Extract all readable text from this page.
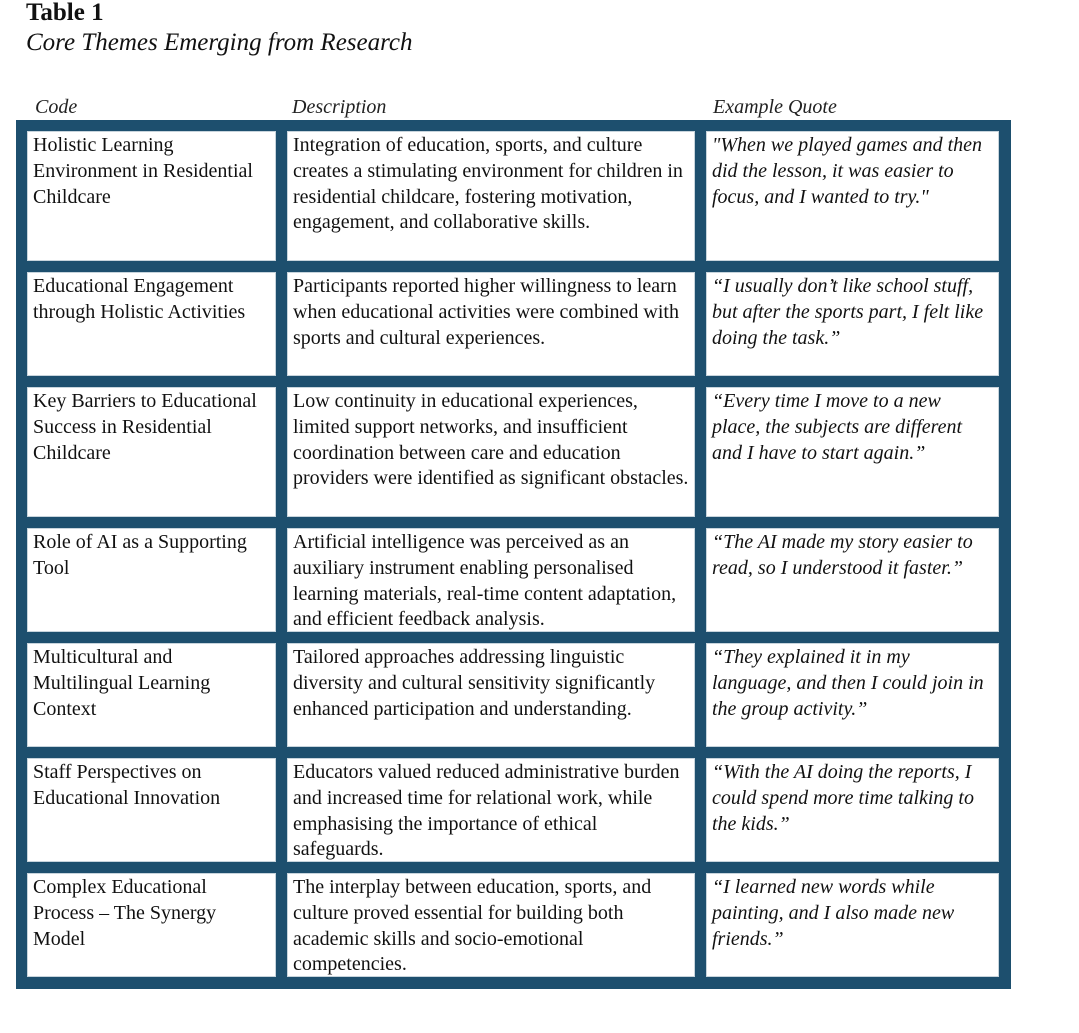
Table 1
Core Themes Emerging from Research
Code	Description	Example Quote
Holistic Learning Environment in Residential Childcare
Integration of education, sports, and culture creates a stimulating environment for children in residential childcare, fostering motivation, engagement, and collaborative skills.
"When we played games and then did the lesson, it was easier to focus, and I wanted to try."
Educational Engagement through Holistic Activities
Participants reported higher willingness to learn when educational activities were combined with sports and cultural experiences.
“I usually don’t like school stuff, but after the sports part, I felt like doing the task.”
Key Barriers to Educational Success in Residential Childcare
Low continuity in educational experiences, limited support networks, and insufficient coordination between care and education providers were identified as significant obstacles.
“Every time I move to a new place, the subjects are different and I have to start again.”
Role of AI as a Supporting Tool
Artificial intelligence was perceived as an auxiliary instrument enabling personalised learning materials, real-time content adaptation, and efficient feedback analysis.
“The AI made my story easier to read, so I understood it faster.”
Multicultural and Multilingual Learning Context
Tailored approaches addressing linguistic diversity and cultural sensitivity significantly enhanced participation and understanding.
“They explained it in my language, and then I could join in the group activity.”
Staff Perspectives on Educational Innovation
Educators valued reduced administrative burden and increased time for relational work, while emphasising the importance of ethical safeguards.
“With the AI doing the reports, I could spend more time talking to the kids.”
Complex Educational Process – The Synergy Model
The interplay between education, sports, and culture proved essential for building both academic skills and socio-emotional competencies.
“I learned new words while painting, and I also made new friends.”
